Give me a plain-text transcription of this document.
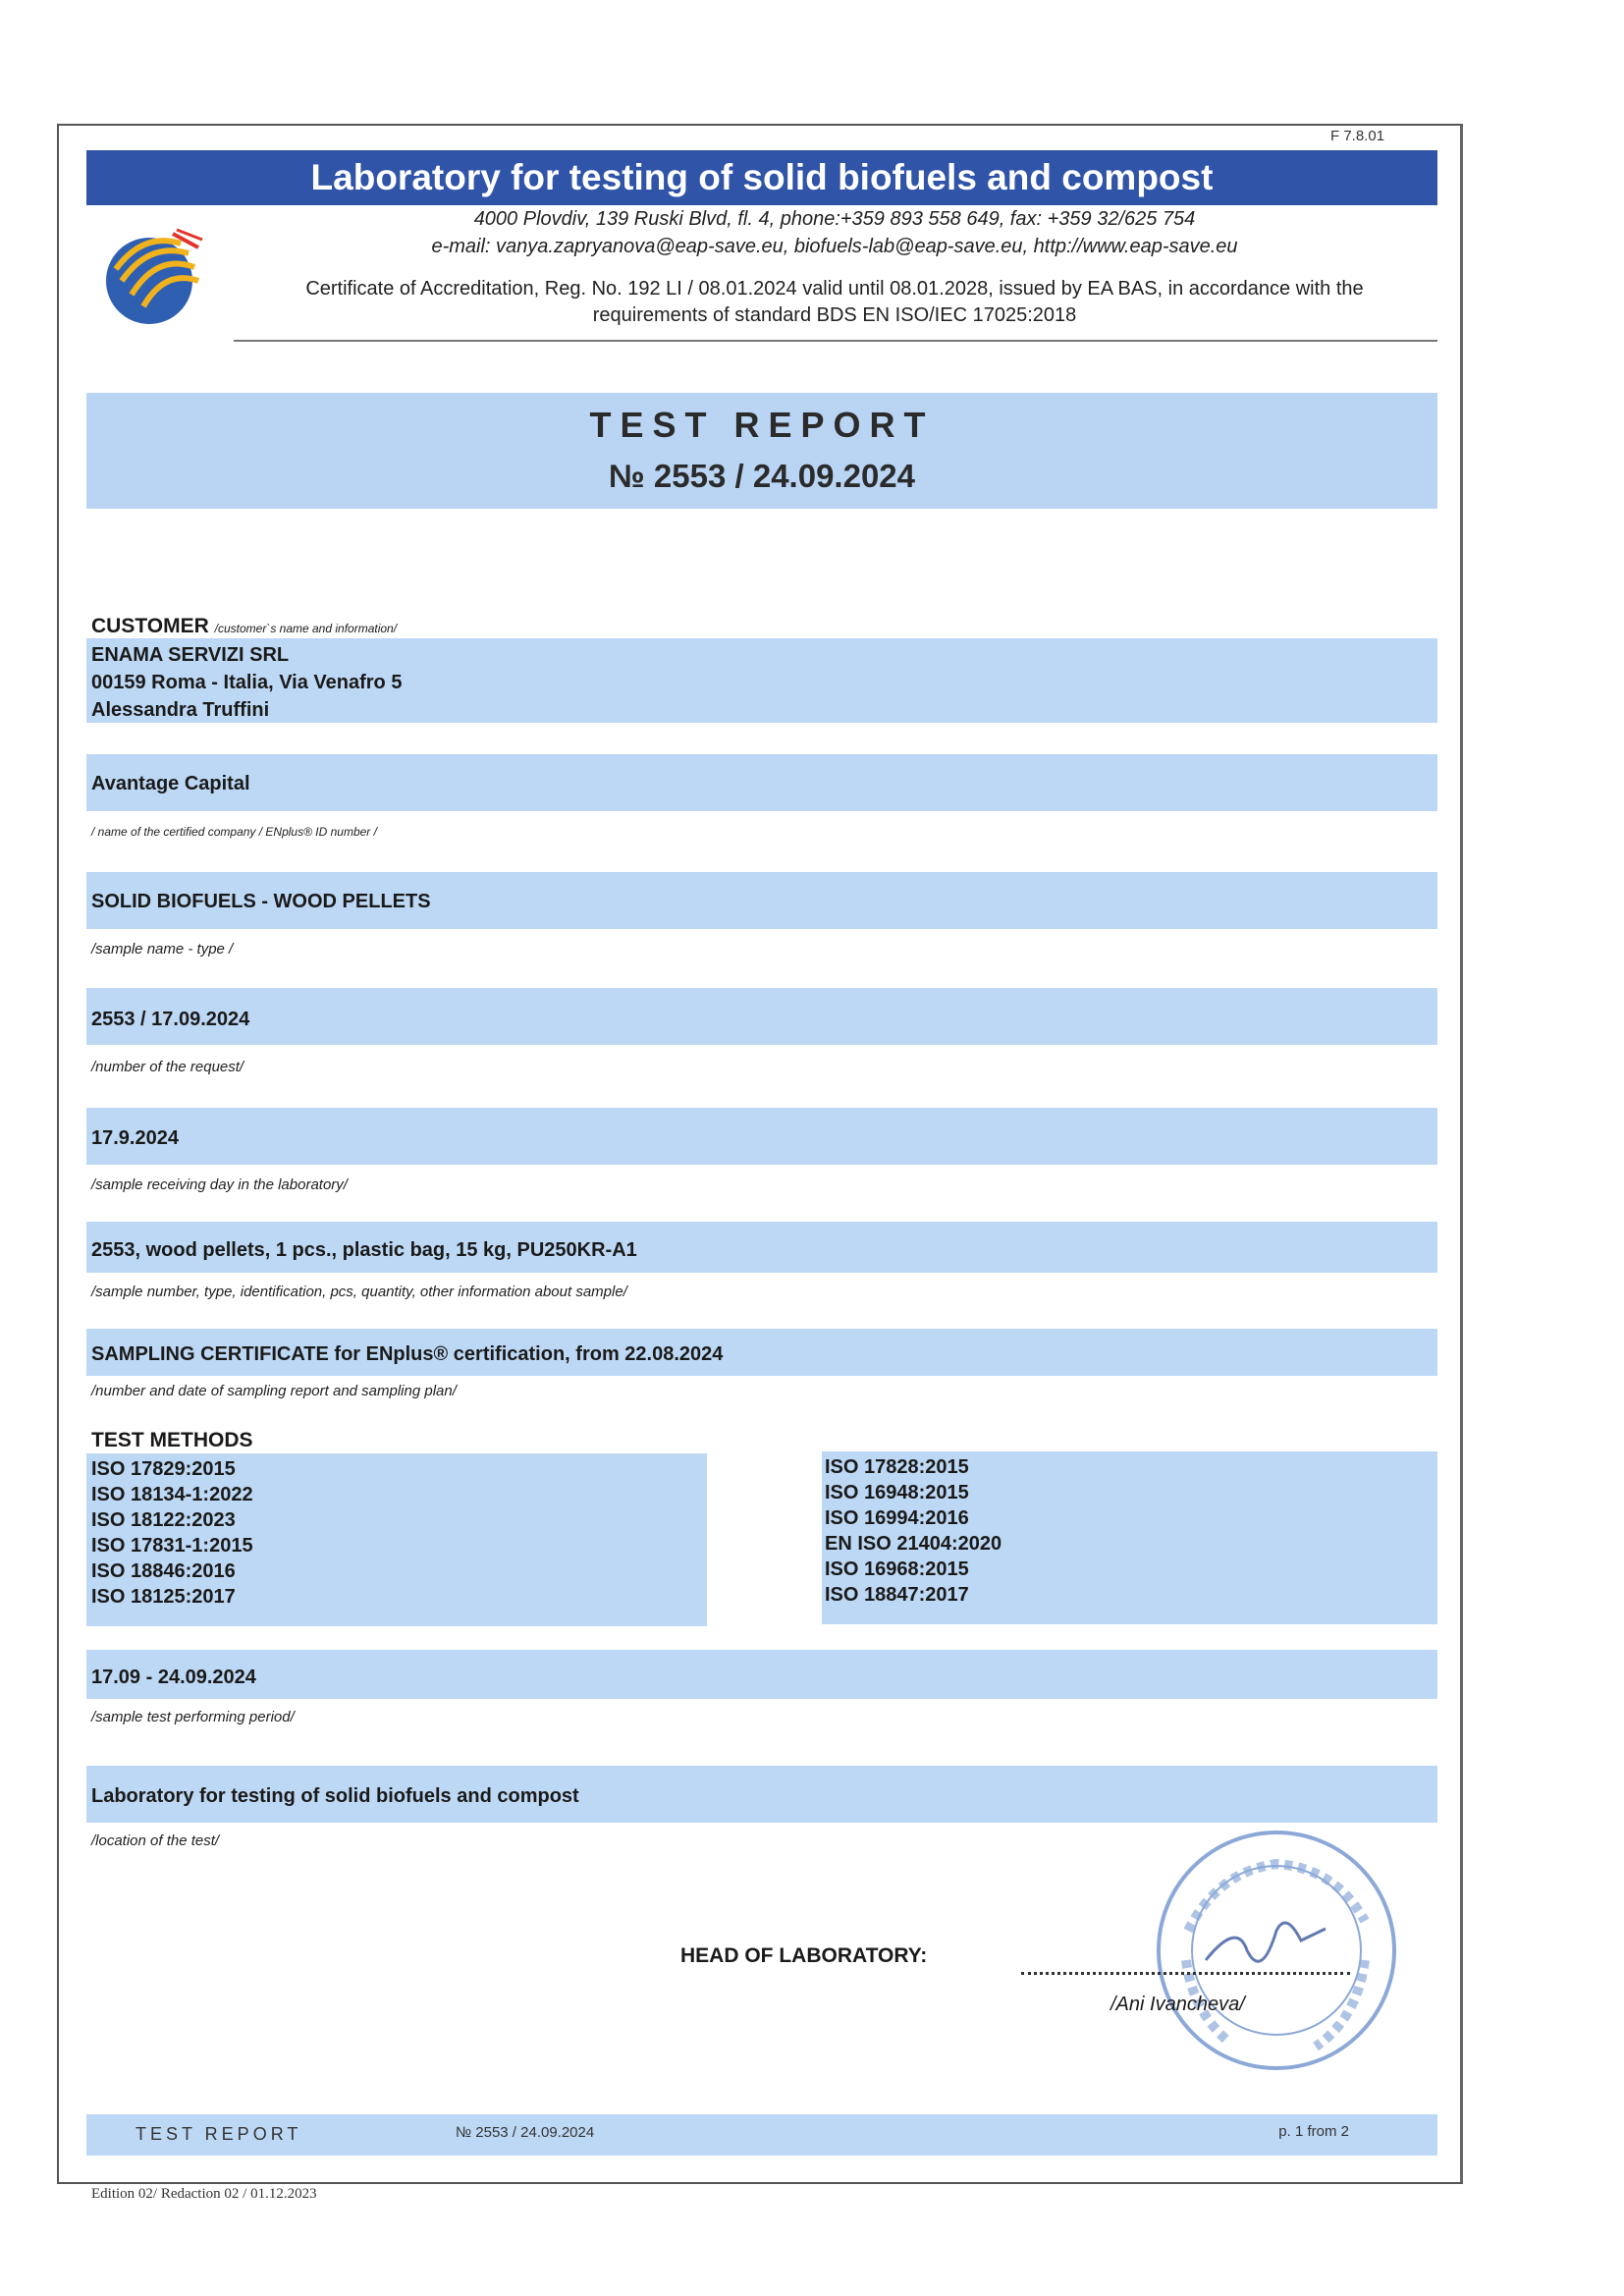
F 7.8.01
Laboratory for testing of solid biofuels and compost
4000 Plovdiv, 139 Ruski Blvd, fl. 4, phone:+359 893 558 649, fax: +359 32/625 754
e-mail: vanya.zapryanova@eap-save.eu, biofuels-lab@eap-save.eu, http://www.eap-save.eu
Certificate of Accreditation, Reg. No. 192 LI / 08.01.2024 valid until 08.01.2028, issued by EA BAS, in accordance with the
requirements of standard BDS EN ISO/IEC 17025:2018
TEST REPORT
№ 2553 / 24.09.2024
CUSTOMER /customer`s name and information/
ENAMA SERVIZI SRL
00159 Roma - Italia, Via Venafro 5
Alessandra Truffini
Avantage Capital
/ name of the certified company / ENplus® ID number /
SOLID BIOFUELS - WOOD PELLETS
/sample name - type /
2553 / 17.09.2024
/number of the request/
17.9.2024
/sample receiving day in the laboratory/
2553, wood pellets, 1 pcs., plastic bag, 15 kg, PU250KR-A1
/sample number, type, identification, pcs, quantity, other information about sample/
SAMPLING CERTIFICATE for ENplus® certification, from 22.08.2024
/number and date of sampling report and sampling plan/
TEST METHODS
ISO 17829:2015
ISO 18134-1:2022
ISO 18122:2023
ISO 17831-1:2015
ISO 18846:2016
ISO 18125:2017
ISO 17828:2015
ISO 16948:2015
ISO 16994:2016
EN ISO 21404:2020
ISO 16968:2015
ISO 18847:2017
17.09 - 24.09.2024
/sample test performing period/
Laboratory for testing of solid biofuels and compost
/location of the test/
HEAD OF LABORATORY:
/Ani Ivancheva/
TEST REPORT	№ 2553 / 24.09.2024	p. 1 from 2
Edition 02/ Redaction 02 / 01.12.2023
